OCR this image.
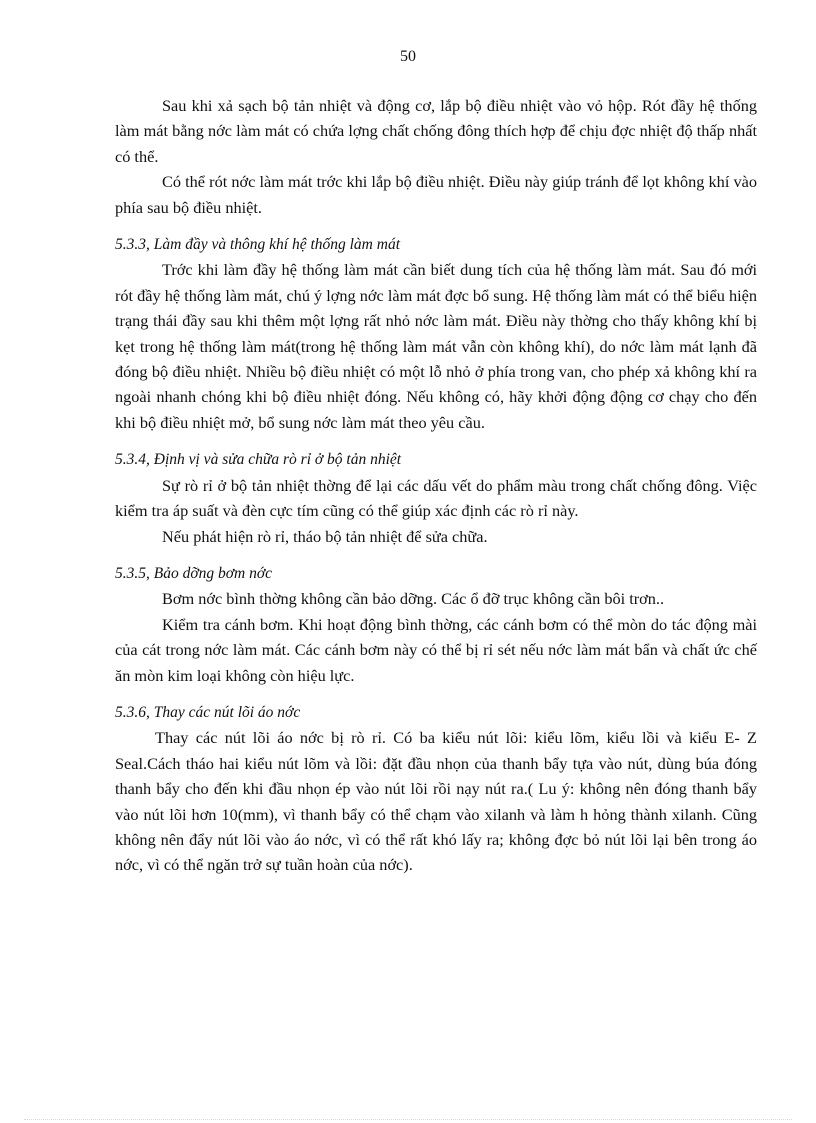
50

Sau khi xả sạch bộ tản nhiệt và động cơ, lắp bộ điều nhiệt vào vỏ hộp. Rót đầy hệ thống làm mát bằng nớc làm mát có chứa lợng chất chống đông thích hợp để chịu đợc nhiệt độ thấp nhất có thể.

Có thể rót nớc làm mát trớc khi lắp bộ điều nhiệt. Điều này giúp tránh để lọt không khí vào phía sau bộ điều nhiệt.

5.3.3, Làm đầy và thông khí hệ thống làm mát

Trớc khi làm đầy hệ thống làm mát cần biết dung tích của hệ thống làm mát. Sau đó mới rót đầy hệ thống làm mát, chú ý lợng nớc làm mát đợc bổ sung. Hệ thống làm mát có thể biểu hiện trạng thái đầy sau khi thêm một lợng rất nhỏ nớc làm mát. Điều này thờng cho thấy không khí bị kẹt trong hệ thống làm mát(trong hệ thống làm mát vẫn còn không khí), do nớc làm mát lạnh đã đóng bộ điều nhiệt. Nhiều bộ điều nhiệt có một lỗ nhỏ ở phía trong van, cho phép xả không khí ra ngoài nhanh chóng khi bộ điều nhiệt đóng. Nếu không có, hãy khởi động động cơ chạy cho đến khi bộ điều nhiệt mở, bổ sung nớc làm mát theo yêu cầu.

5.3.4, Định vị và sửa chữa rò rỉ ở bộ tản nhiệt

Sự rò rỉ ở bộ tản nhiệt thờng để lại các dấu vết do phẩm màu trong chất chống đông. Việc kiểm tra áp suất và đèn cực tím cũng có thể giúp xác định các rò rỉ này.

Nếu phát hiện rò rỉ, tháo bộ tản nhiệt để sửa chữa.

5.3.5, Bảo dỡng bơm nớc

Bơm nớc bình thờng không cần bảo dỡng. Các ổ đỡ trục không cần bôi trơn..

Kiểm tra cánh bơm. Khi hoạt động bình thờng, các cánh bơm có thể mòn do tác động mài của cát trong nớc làm mát. Các cánh bơm này có thể bị rỉ sét nếu nớc làm mát bẩn và chất ức chế ăn mòn kim loại không còn hiệu lực.

5.3.6, Thay các nút lõi áo nớc

Thay các nút lõi áo nớc bị rò rỉ. Có ba kiểu nút lõi: kiểu lõm, kiểu lồi và kiểu E- Z Seal.Cách tháo hai kiểu nút lõm và lồi: đặt đầu nhọn của thanh bẩy tựa vào nút, dùng búa đóng thanh bẩy cho đến khi đầu nhọn ép vào nút lõi rồi nạy nút ra.( Lu ý: không nên đóng thanh bẩy vào nút lõi hơn 10(mm), vì thanh bẩy có thể chạm vào xilanh và làm h hỏng thành xilanh. Cũng không nên đẩy nút lõi vào áo nớc, vì có thể rất khó lấy ra; không đợc bỏ nút lõi lại bên trong áo nớc, vì có thể ngăn trở sự tuần hoàn của nớc).
